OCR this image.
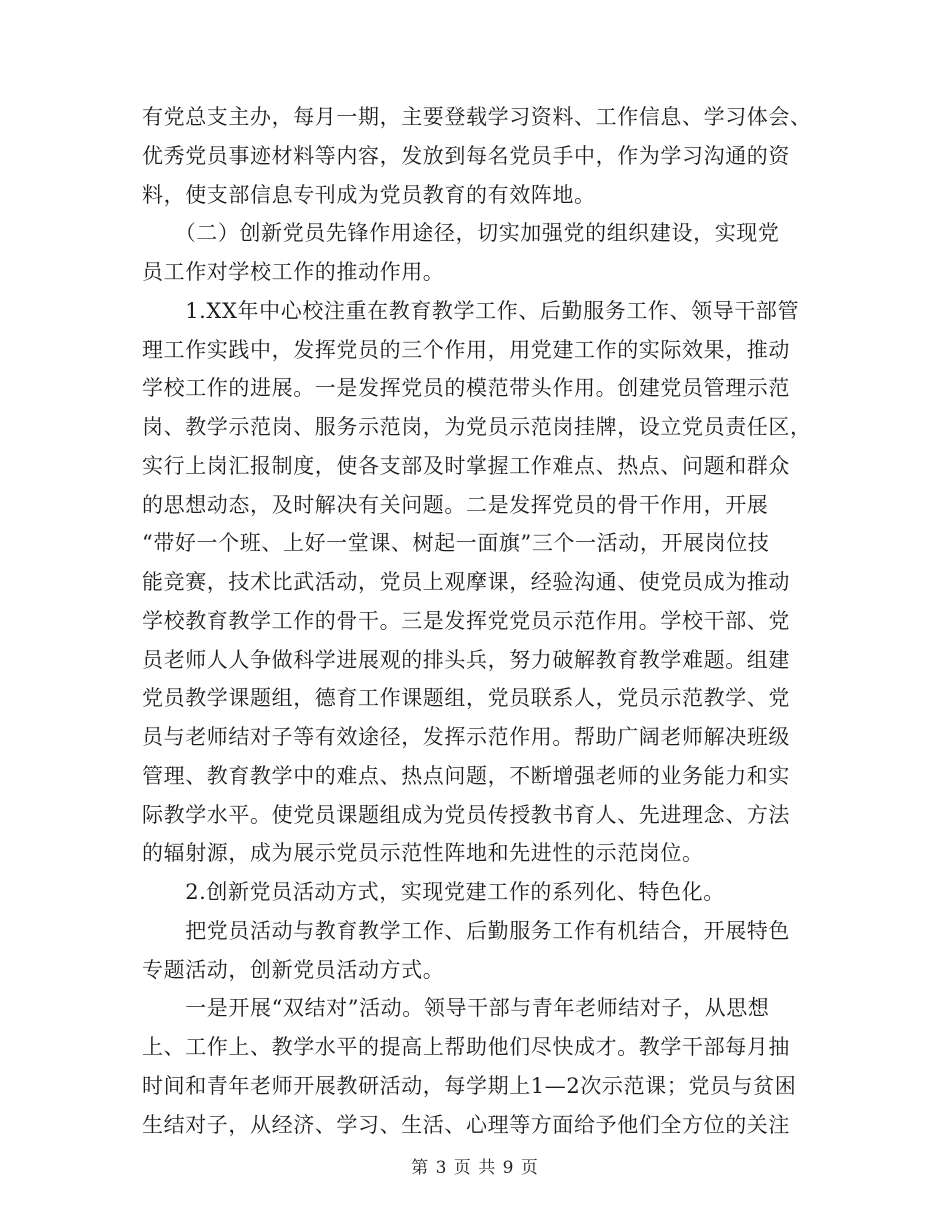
有党总支主办，每月一期，主要登载学习资料、工作信息、学习体会、
优秀党员事迹材料等内容，发放到每名党员手中，作为学习沟通的资
料，使支部信息专刊成为党员教育的有效阵地。
　　（二）创新党员先锋作用途径，切实加强党的组织建设，实现党
员工作对学校工作的推动作用。
　　1.XX年中心校注重在教育教学工作、后勤服务工作、领导干部管
理工作实践中，发挥党员的三个作用，用党建工作的实际效果，推动
学校工作的进展。一是发挥党员的模范带头作用。创建党员管理示范
岗、教学示范岗、服务示范岗，为党员示范岗挂牌，设立党员责任区，
实行上岗汇报制度，使各支部及时掌握工作难点、热点、问题和群众
的思想动态，及时解决有关问题。二是发挥党员的骨干作用，开展
“带好一个班、上好一堂课、树起一面旗”三个一活动，开展岗位技
能竞赛，技术比武活动，党员上观摩课，经验沟通、使党员成为推动
学校教育教学工作的骨干。三是发挥党党员示范作用。学校干部、党
员老师人人争做科学进展观的排头兵，努力破解教育教学难题。组建
党员教学课题组，德育工作课题组，党员联系人，党员示范教学、党
员与老师结对子等有效途径，发挥示范作用。帮助广阔老师解决班级
管理、教育教学中的难点、热点问题，不断增强老师的业务能力和实
际教学水平。使党员课题组成为党员传授教书育人、先进理念、方法
的辐射源，成为展示党员示范性阵地和先进性的示范岗位。
　　2.创新党员活动方式，实现党建工作的系列化、特色化。
　　把党员活动与教育教学工作、后勤服务工作有机结合，开展特色
专题活动，创新党员活动方式。
　　一是开展“双结对”活动。领导干部与青年老师结对子，从思想
上、工作上、教学水平的提高上帮助他们尽快成才。教学干部每月抽
时间和青年老师开展教研活动，每学期上1—2次示范课；党员与贫困
生结对子，从经济、学习、生活、心理等方面给予他们全方位的关注
第 3 页 共 9 页
